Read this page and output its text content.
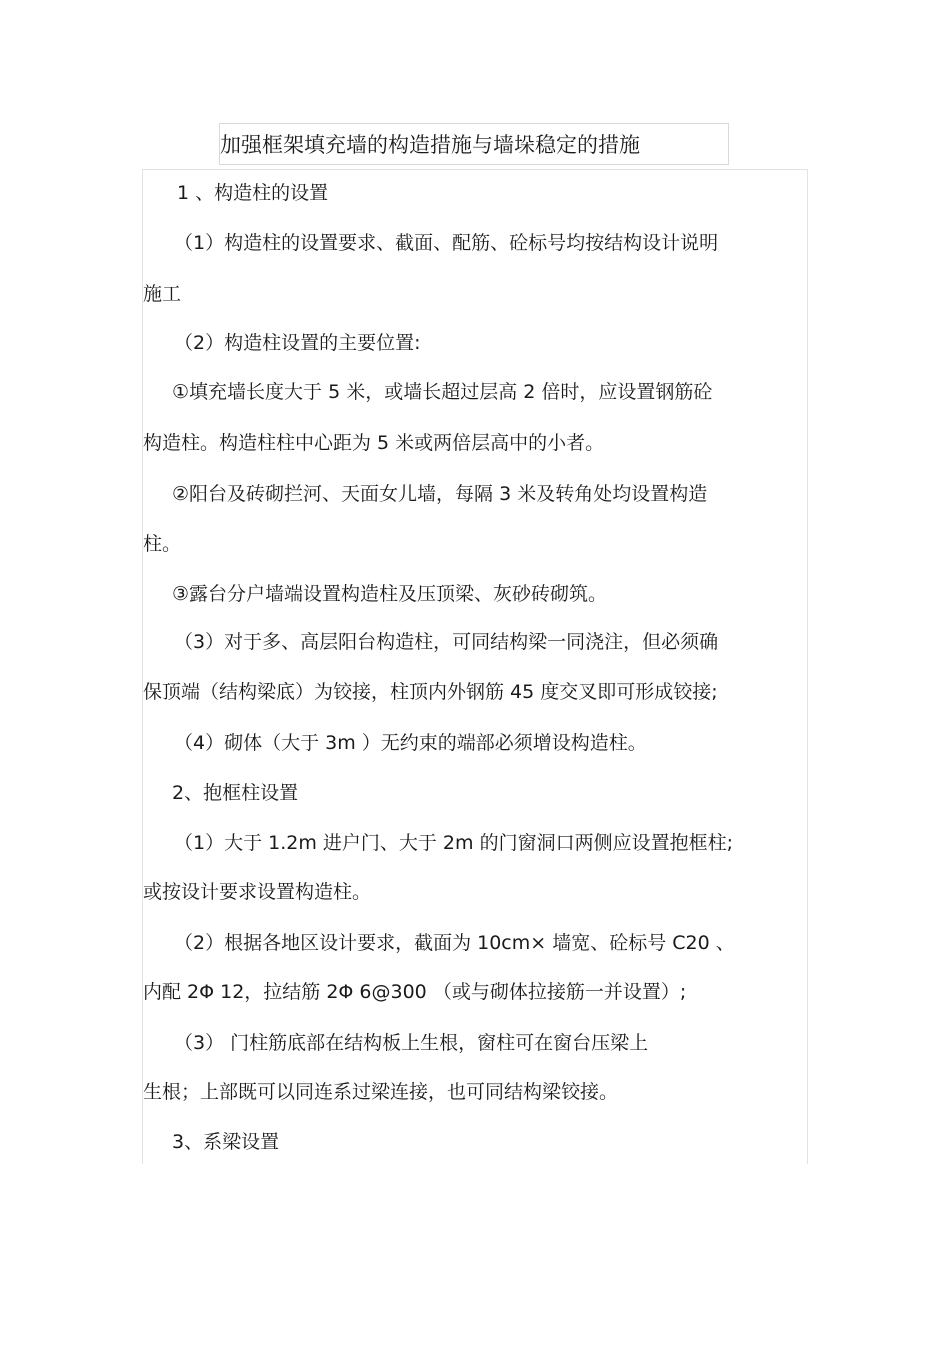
加强框架填充墙的构造措施与墙垛稳定的措施
1 、构造柱的设置
（1）构造柱的设置要求、截面、配筋、砼标号均按结构设计说明
施工
（2）构造柱设置的主要位置:
①填充墙长度大于 5 米，或墙长超过层高 2 倍时，应设置钢筋砼
构造柱。构造柱柱中心距为 5 米或两倍层高中的小者。
②阳台及砖砌拦河、天面女儿墙，每隔 3 米及转角处均设置构造
柱。
③露台分户墙端设置构造柱及压顶梁、灰砂砖砌筑。
（3）对于多、高层阳台构造柱，可同结构梁一同浇注，但必须确
保顶端（结构梁底）为铰接，柱顶内外钢筋 45 度交叉即可形成铰接;
（4）砌体（大于 3m ）无约束的端部必须增设构造柱。
2、抱框柱设置
（1）大于 1.2m 进户门、大于 2m 的门窗洞口两侧应设置抱框柱;
或按设计要求设置构造柱。
（2）根据各地区设计要求，截面为 10cm× 墙宽、砼标号 C20 、
内配 2Φ 12，拉结筋 2Φ 6@300 （或与砌体拉接筋一并设置）;
（3） 门柱筋底部在结构板上生根，窗柱可在窗台压梁上
生根；上部既可以同连系过梁连接，也可同结构梁铰接。
3、系梁设置
